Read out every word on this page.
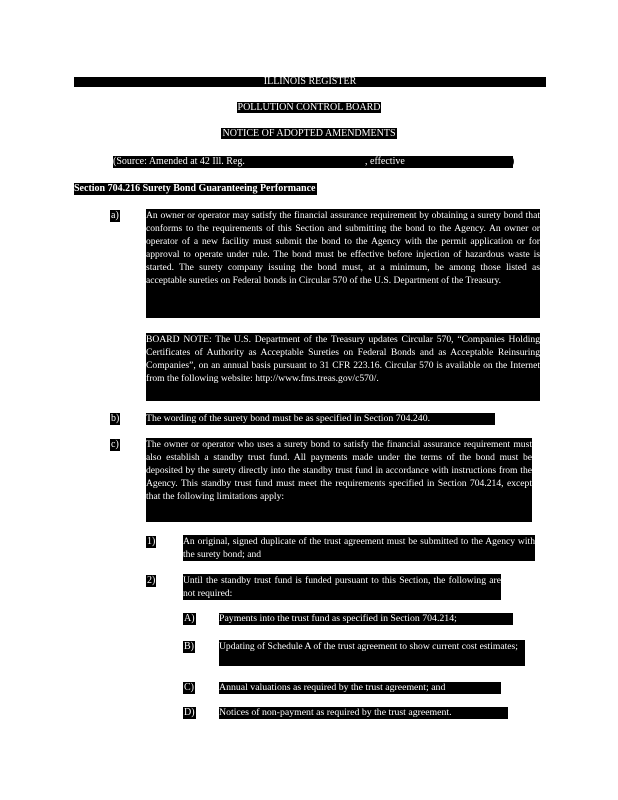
ILLINOIS REGISTER
POLLUTION CONTROL BOARD
NOTICE OF ADOPTED AMENDMENTS
(Source: Amended at 42 Ill. Reg.	, effective	)
Section 704.216 Surety Bond Guaranteeing Performance
a)	An owner or operator may satisfy the financial assurance requirement by obtaining a surety bond that conforms to the requirements of this Section and submitting the bond to the Agency. An owner or operator of a new facility must submit the bond to the Agency with the permit application or for approval to operate under rule. The bond must be effective before injection of hazardous waste is started. The surety company issuing the bond must, at a minimum, be among those listed as acceptable sureties on Federal bonds in Circular 570 of the U.S. Department of the Treasury.
BOARD NOTE: The U.S. Department of the Treasury updates Circular 570, “Companies Holding Certificates of Authority as Acceptable Sureties on Federal Bonds and as Acceptable Reinsuring Companies”, on an annual basis pursuant to 31 CFR 223.16. Circular 570 is available on the Internet from the following website: http://www.fms.treas.gov/c570/.
b)	The wording of the surety bond must be as specified in Section 704.240.
c)	The owner or operator who uses a surety bond to satisfy the financial assurance requirement must also establish a standby trust fund. All payments made under the terms of the bond must be deposited by the surety directly into the standby trust fund in accordance with instructions from the Agency. This standby trust fund must meet the requirements specified in Section 704.214, except that the following limitations apply:
1)	An original, signed duplicate of the trust agreement must be submitted to the Agency with the surety bond; and
2)	Until the standby trust fund is funded pursuant to this Section, the following are not required:
A) Payments into the trust fund as specified in Section 704.214;
B)	Updating of Schedule A of the trust agreement to show current cost estimates;
C)	Annual valuations as required by the trust agreement; and
D) Notices of non-payment as required by the trust agreement.
